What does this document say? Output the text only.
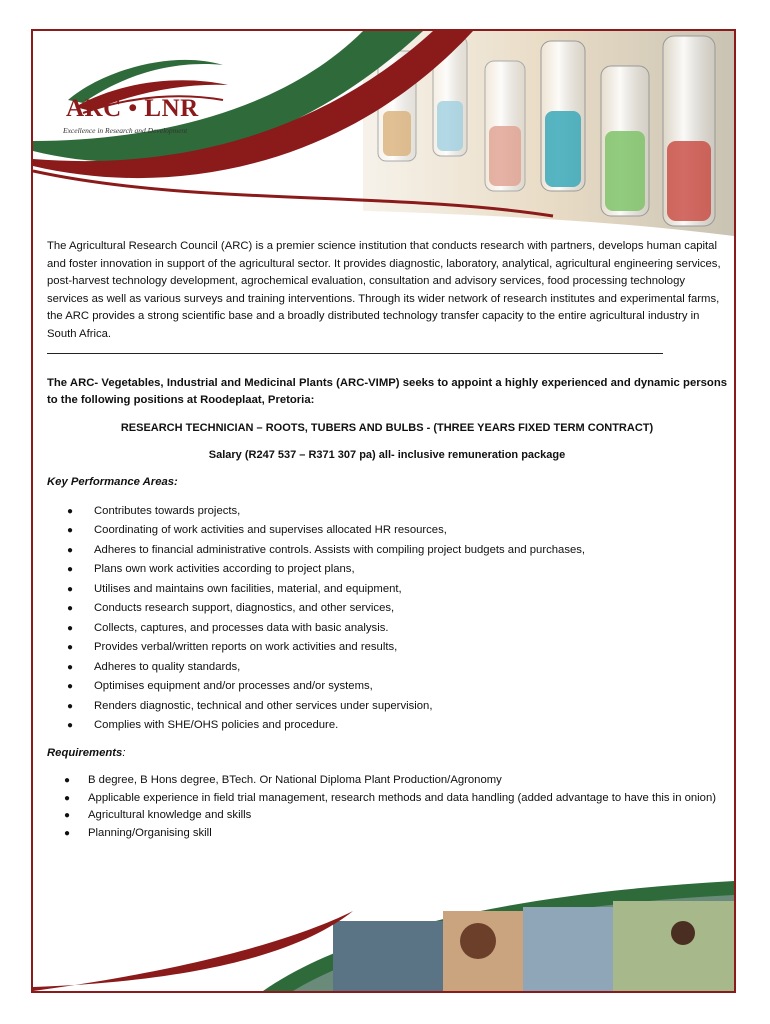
ARC • LNR
Excellence in Research and Development

The Agricultural Research Council (ARC) is a premier science institution that conducts research with partners, develops human capital and foster innovation in support of the agricultural sector. It provides diagnostic, laboratory, analytical, agricultural engineering services, post-harvest technology development, agrochemical evaluation, consultation and advisory services, food processing technology services as well as various surveys and training interventions. Through its wider network of research institutes and experimental farms, the ARC provides a strong scientific base and a broadly distributed technology transfer capacity to the entire agricultural industry in South Africa.

The ARC- Vegetables, Industrial and Medicinal Plants (ARC-VIMP) seeks to appoint a highly experienced and dynamic persons to the following positions at Roodeplaat, Pretoria:

RESEARCH TECHNICIAN – ROOTS, TUBERS AND BULBS - (THREE YEARS FIXED TERM CONTRACT)

Salary (R247 537 – R371 307 pa) all- inclusive remuneration package

Key Performance Areas:

● Contributes towards projects,
● Coordinating of work activities and supervises allocated HR resources,
● Adheres to financial administrative controls. Assists with compiling project budgets and purchases,
● Plans own work activities according to project plans,
● Utilises and maintains own facilities, material, and equipment,
● Conducts research support, diagnostics, and other services,
● Collects, captures, and processes data with basic analysis.
● Provides verbal/written reports on work activities and results,
● Adheres to quality standards,
● Optimises equipment and/or processes and/or systems,
● Renders diagnostic, technical and other services under supervision,
● Complies with SHE/OHS policies and procedure.

Requirements:

● B degree, B Hons degree, BTech. Or National Diploma Plant Production/Agronomy
● Applicable experience in field trial management, research methods and data handling (added advantage to have this in onion)
● Agricultural knowledge and skills
● Planning/Organising skill
